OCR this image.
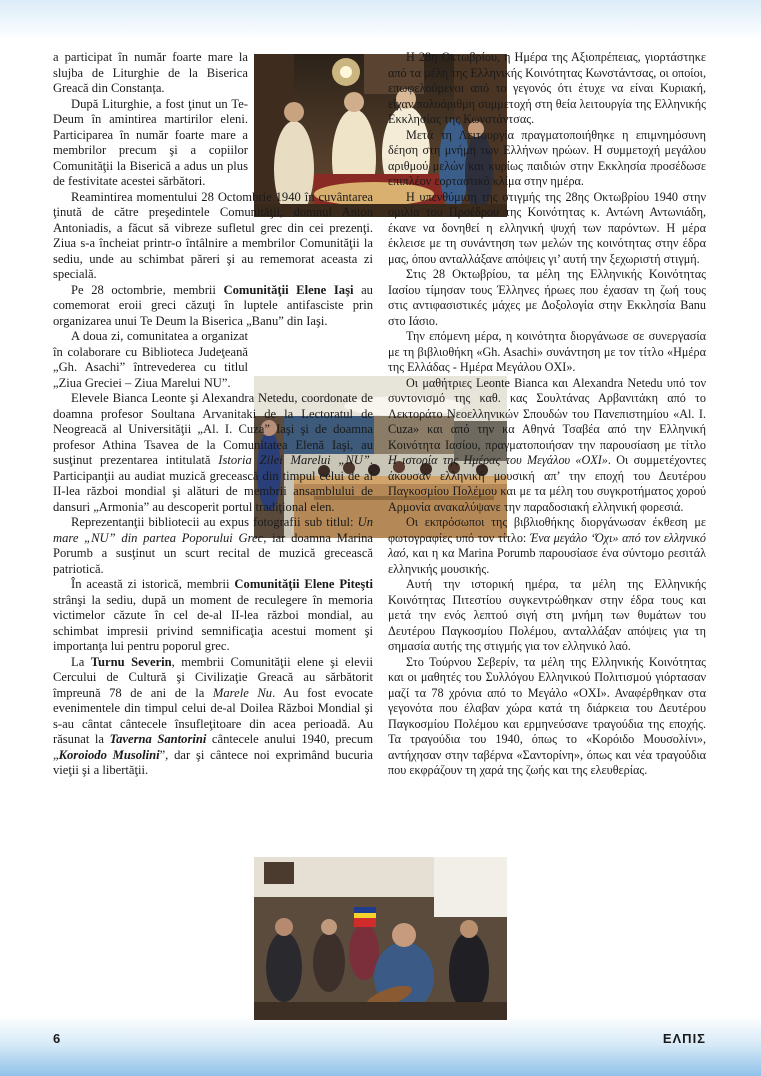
a participat în număr foarte mare la slujba de Liturghie de la Biserica Greacă din Constanța.

După Liturghie, a fost ţinut un Te-Deum în amintirea martirilor eleni. Participarea în număr foarte mare a membrilor precum şi a copiilor Comunităţii la Biserică a adus un plus de festivitate acestei sărbători.

Reamintirea momentului 28 Octombrie 1940 în cuvântarea ţinută de către preşedintele Comunităţii, domnul Anton Antoniadis, a făcut să vibreze sufletul grec din cei prezenţi. Ziua s-a încheiat printr-o întâlnire a membrilor Comunităţii la sediu, unde au schimbat păreri şi au rememorat aceasta zi specială.

Pe 28 octombrie, membrii Comunităţii Elene Iaşi au comemorat eroii greci căzuţi în luptele antifasciste prin organizarea unui Te Deum la Biserica „Banu” din Iaşi.

A doua zi, comunitatea a organizat în colaborare cu Biblioteca Judeţeană „Gh. Asachi” întrevederea cu titlul „Ziua Greciei – Ziua Marelui NU”.

Elevele Bianca Leonte şi Alexandra Netedu, coordonate de doamna profesor Soultana Arvanitaki de la Lectoratul de Neogreacă al Universităţii „Al. I. Cuza” Iaşi şi de doamna profesor Athina Tsavea de la Comunitatea Elenă Iaşi, au susţinut prezentarea intitulată Istoria Zilei Marelui „NU”. Participanţii au audiat muzică grecească din timpul celui de al II-lea război mondial şi alături de membrii ansamblului de dansuri „Armonia” au descoperit portul tradiţional elen.

Reprezentanţii bibliotecii au expus fotografii sub titlul: Un mare „NU” din partea Poporului Grec, iar doamna Marina Porumb a susţinut un scurt recital de muzică grecească patriotică.

În această zi istorică, membrii Comunităţii Elene Piteşti strânşi la sediu, după un moment de reculegere în memoria victimelor căzute în cel de-al II-lea război mondial, au schimbat impresii privind semnificaţia acestui moment şi importanţa lui pentru poporul grec.

La Turnu Severin, membrii Comunităţii elene şi elevii Cercului de Cultură şi Civilizaţie Greacă au sărbătorit împreună 78 de ani de la Marele Nu. Au fost evocate evenimentele din timpul celui de-al Doilea Război Mondial şi s-au cântat cântecele însufleţitoare din acea perioadă. Au răsunat la Taverna Santorini cântecele anului 1940, precum „Koroiodo Musolini”, dar şi cântece noi exprimând bucuria vieţii şi a libertăţii.

Η 28η Οκτωβρίου, η Ημέρα της Αξιοπρέπειας, γιορτάστηκε από τα μέλη της Ελληνικής Κοινότητας Κωνστάντσας, οι οποίοι, επωφελούμενοι από το γεγονός ότι έτυχε να είναι Κυριακή, είχαν πολυάριθμη συμμετοχή στη θεία λειτουργία της Ελληνικής Εκκλησίας της Κωνστάντσας.

Μετά τη Λειτουργία πραγματοποιήθηκε η επιμνημόσυνη δέηση στη μνήμη των Ελλήνων ηρώων. Η συμμετοχή μεγάλου αριθμού μελών και κυρίως παιδιών στην Εκκλησία προσέδωσε επιπλέον εορταστικό κλίμα στην ημέρα.

Η υπενθύμιση της στιγμής της 28ης Οκτωβρίου 1940 στην ομιλία του Προέδρου της Κοινότητας κ. Αντώνη Αντωνιάδη, έκανε να δονηθεί η ελληνική ψυχή των παρόντων. Η μέρα έκλεισε με τη συνάντηση των μελών της κοινότητας στην έδρα μας, όπου ανταλλάξανε απόψεις γι’ αυτή την ξεχωριστή στιγμή.

Στις 28 Οκτωβρίου, τα μέλη της Ελληνικής Κοινότητας Ιασίου τίμησαν τους Έλληνες ήρωες που έχασαν τη ζωή τους στις αντιφασιστικές μάχες με Δοξολογία στην Εκκλησία Banu στο Ιάσιο.

Την επόμενη μέρα, η κοινότητα διοργάνωσε σε συνεργασία με τη βιβλιοθήκη «Gh. Asachi» συνάντηση με τον τίτλο «Ημέρα της Ελλάδας - Ημέρα Μεγάλου ΟΧΙ».

Οι μαθήτριες Leonte Bianca και Alexandra Netedu υπό τον συντονισμό της καθ. κας Σουλτάνας Αρβανιτάκη από το Λεκτοράτο Νεοελληνικών Σπουδών του Πανεπιστημίου «Al. I. Cuza» και από την κα Αθηνά Τσαβέα από την Ελληνική Κοινότητα Ιασίου, πραγματοποιήσαν την παρουσίαση με τίτλο Η ιστορία της Ημέρας του Μεγάλου «ΟΧΙ». Οι συμμετέχοντες άκουσαν ελληνική μουσική απ’ την εποχή του Δευτέρου Παγκοσμίου Πολέμου και με τα μέλη του συγκροτήματος χορού Αρμονία ανακαλύψανε την παραδοσιακή ελληνική φορεσιά.

Οι εκπρόσωποι της βιβλιοθήκης διοργάνωσαν έκθεση με φωτογραφίες υπό τον τίτλο: Ένα μεγάλο ‘Όχι» από τον ελληνικό λαό, και η κα Marina Porumb παρουσίασε ένα σύντομο ρεσιτάλ ελληνικής μουσικής.

Αυτή την ιστορική ημέρα, τα μέλη της Ελληνικής Κοινότητας Πιτεστίου συγκεντρώθηκαν στην έδρα τους και μετά την ενός λεπτού σιγή στη μνήμη των θυμάτων του Δευτέρου Παγκοσμίου Πολέμου, ανταλλάξαν απόψεις για τη σημασία αυτής της στιγμής για τον ελληνικό λαό.

Στο Τούρνου Σεβερίν, τα μέλη της Ελληνικής Κοινότητας και οι μαθητές του Συλλόγου Ελληνικού Πολιτισμού γιόρτασαν μαζί τα 78 χρόνια από το Μεγάλο «ΟΧΙ». Αναφέρθηκαν στα γεγονότα που έλαβαν χώρα κατά τη διάρκεια του Δευτέρου Παγκοσμίου Πολέμου και ερμηνεύσανε τραγούδια της εποχής. Τα τραγούδια του 1940, όπως το «Κορόιδο Μουσολίνι», αντήχησαν στην ταβέρνα «Σαντορίνη», όπως και νέα τραγούδια που εκφράζουν τη χαρά της ζωής και της ελευθερίας.

6	ΕΛΠΙΣ
